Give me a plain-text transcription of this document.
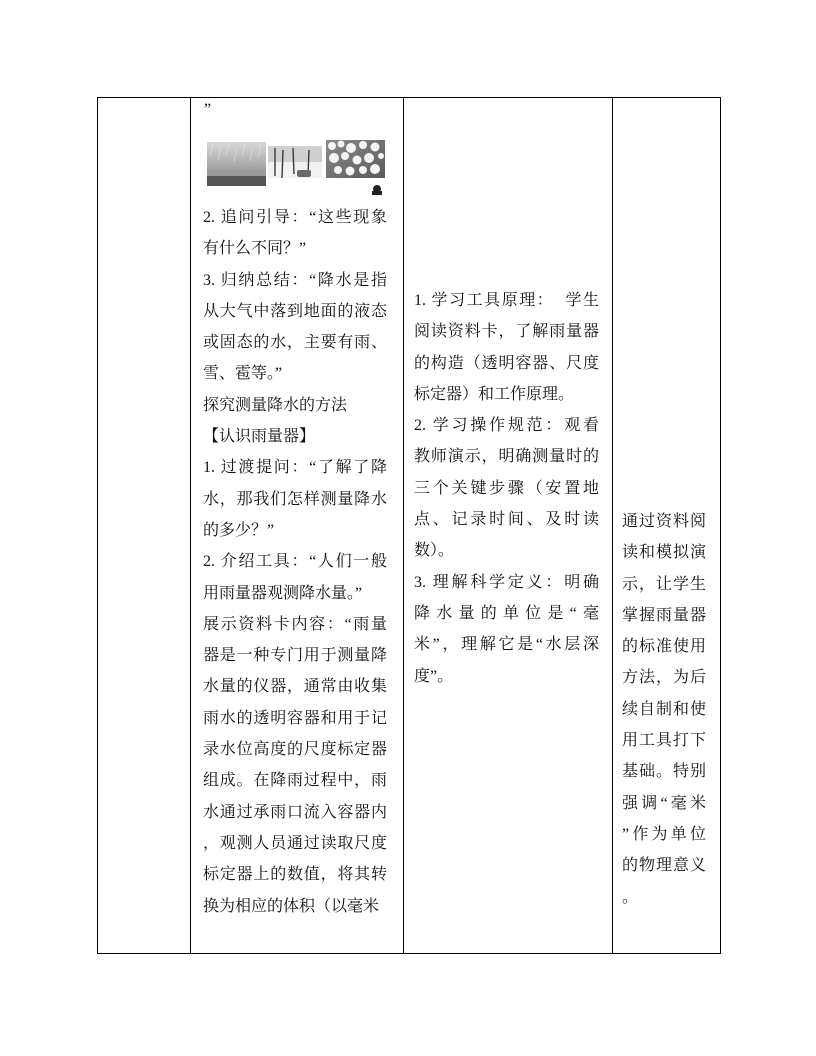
”
2. 追问引导：“这些现象
有什么不同？”
3. 归纳总结：“降水是指
从大气中落到地面的液态
或固态的水，主要有雨、
雪、雹等。”
探究测量降水的方法
【认识雨量器】
1. 过渡提问：“了解了降
水，那我们怎样测量降水
的多少？”
2. 介绍工具：“人们一般
用雨量器观测降水量。”
展示资料卡内容：“雨量
器是一种专门用于测量降
水量的仪器，通常由收集
雨水的透明容器和用于记
录水位高度的尺度标定器
组成。在降雨过程中，雨
水通过承雨口流入容器内
，观测人员通过读取尺度
标定器上的数值，将其转
换为相应的体积（以毫米
1. 学习工具原理：  学生
阅读资料卡，了解雨量器
的构造（透明容器、尺度
标定器）和工作原理。
2. 学习操作规范：观看
教师演示，明确测量时的
三个关键步骤（安置地
点、记录时间、及时读
数）。
3. 理解科学定义：明确
降水量的单位是“毫
米”，理解它是“水层深
度”。
通过资料阅
读和模拟演
示，让学生
掌握雨量器
的标准使用
方法，为后
续自制和使
用工具打下
基础。特别
强调“毫米
”作为单位
的物理意义
。
